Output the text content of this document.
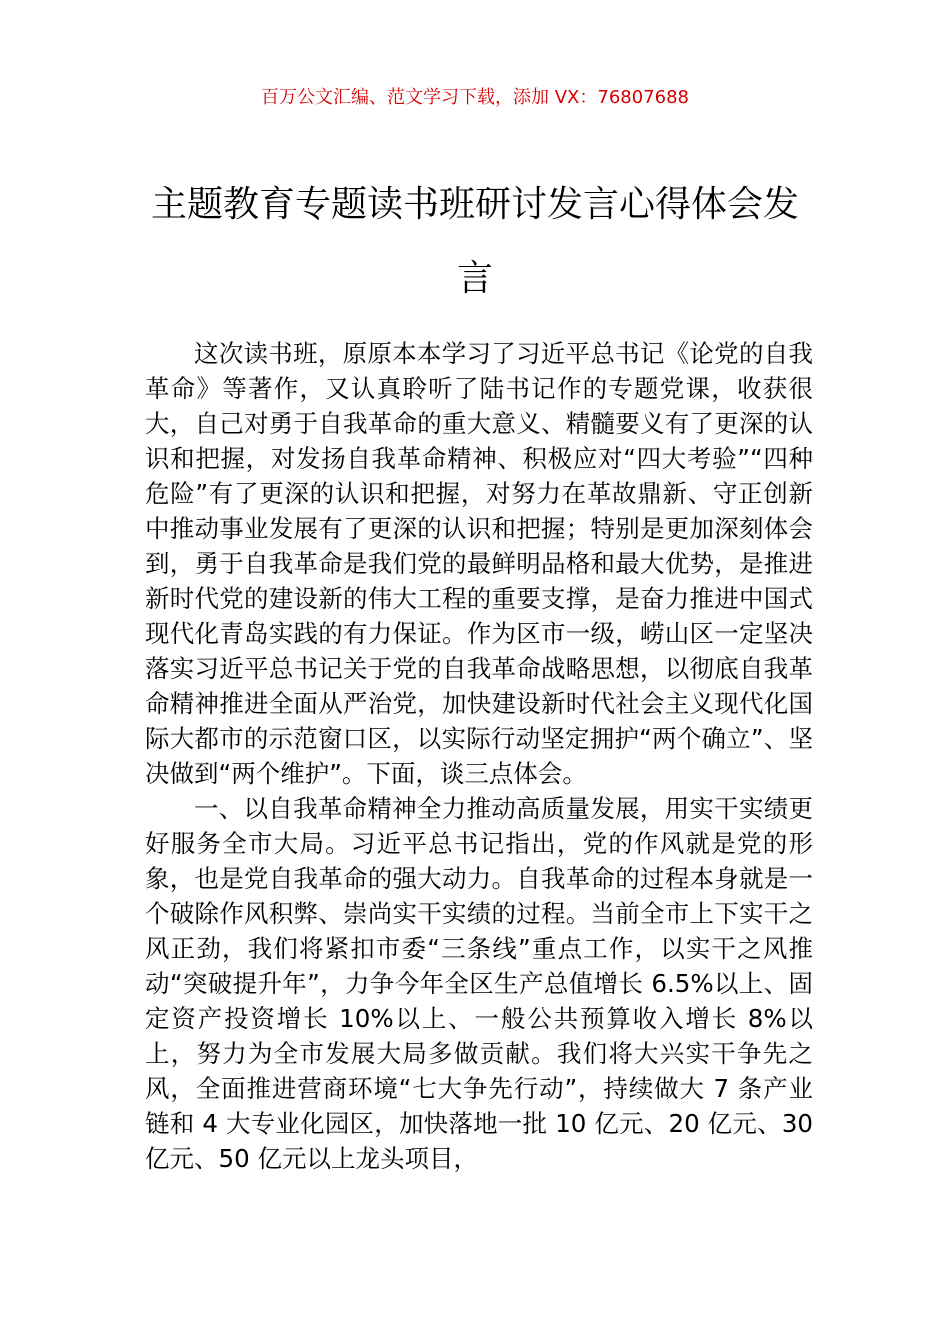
百万公文汇编、范文学习下载，添加 VX：76807688
主题教育专题读书班研讨发言心得体会发言

这次读书班，原原本本学习了习近平总书记《论党的自我革命》等著作，又认真聆听了陆书记作的专题党课，收获很大，自己对勇于自我革命的重大意义、精髓要义有了更深的认识和把握，对发扬自我革命精神、积极应对“四大考验”“四种危险”有了更深的认识和把握，对努力在革故鼎新、守正创新中推动事业发展有了更深的认识和把握；特别是更加深刻体会到，勇于自我革命是我们党的最鲜明品格和最大优势，是推进新时代党的建设新的伟大工程的重要支撑，是奋力推进中国式现代化青岛实践的有力保证。作为区市一级，崂山区一定坚决落实习近平总书记关于党的自我革命战略思想，以彻底自我革命精神推进全面从严治党，加快建设新时代社会主义现代化国际大都市的示范窗口区，以实际行动坚定拥护“两个确立”、坚决做到“两个维护”。下面，谈三点体会。

一、以自我革命精神全力推动高质量发展，用实干实绩更好服务全市大局。习近平总书记指出，党的作风就是党的形象，也是党自我革命的强大动力。自我革命的过程本身就是一个破除作风积弊、崇尚实干实绩的过程。当前全市上下实干之风正劲，我们将紧扣市委“三条线”重点工作，以实干之风推动“突破提升年”，力争今年全区生产总值增长 6.5%以上、固定资产投资增长 10%以上、一般公共预算收入增长 8%以上，努力为全市发展大局多做贡献。我们将大兴实干争先之风，全面推进营商环境“七大争先行动”，持续做大 7 条产业链和 4 大专业化园区，加快落地一批 10 亿元、20 亿元、30 亿元、50 亿元以上龙头项目，
